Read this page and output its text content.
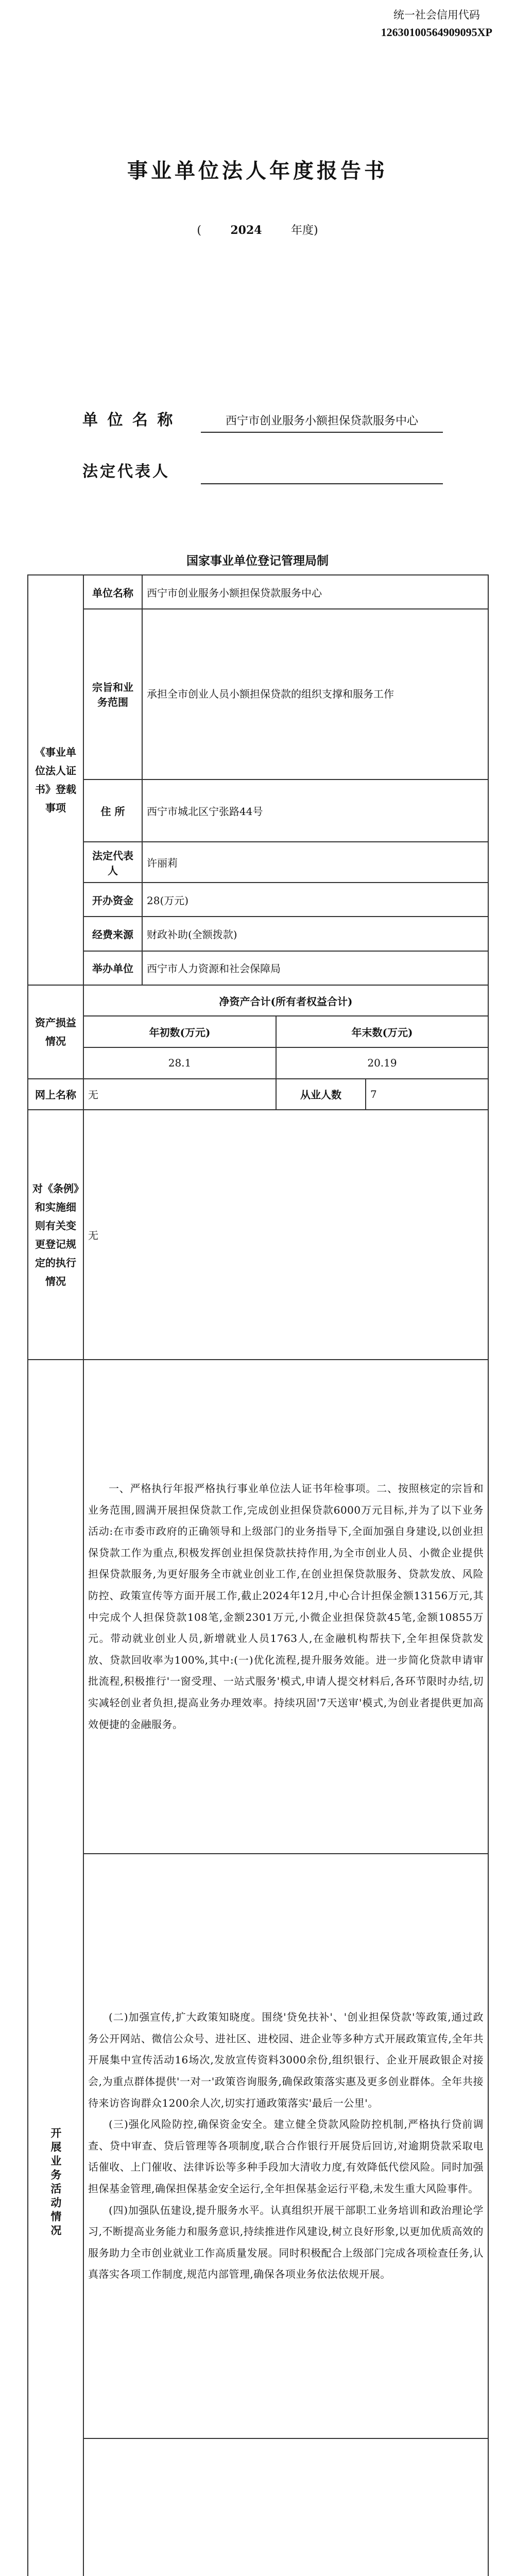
统一社会信用代码
12630100564909095XP
事业单位法人年度报告书
(	2024	年度)
单 位 名 称	西宁市创业服务小额担保贷款服务中心
法定代表人
国家事业单位登记管理局制
《事业单位法人证书》登载事项	单位名称	西宁市创业服务小额担保贷款服务中心		
	宗旨和业务范围	承担全市创业人员小额担保贷款的组织支撑和服务工作		
	住 所	西宁市城北区宁张路44号		
	法定代表人	许丽莉		
	开办资金	28(万元)		
	经费来源	财政补助(全额拨款)		
	举办单位	西宁市人力资源和社会保障局		
资产损益情况	净资产合计(所有者权益合计)			
	年初数(万元)		年末数(万元)	
	28.1		20.19	
网上名称	无		从业人数	7
对《条例》和实施细则有关变更登记规定的执行情况	无			

开展业务活动情况	一、严格执行年报严格执行事业单位法人证书年检事项。二、按照核定的宗旨和业务范围,圆满开展担保贷款工作,完成创业担保贷款6000万元目标,并为了以下业务活动:在市委市政府的正确领导和上级部门的业务指导下,全面加强自身建设,以创业担保贷款工作为重点,积极发挥创业担保贷款扶持作用,为全市创业人员、小微企业提供担保贷款服务,为更好服务全市就业创业工作,在创业担保贷款服务、贷款发放、风险防控、政策宣传等方面开展工作,截止2024年12月,中心合计担保金额13156万元,其中完成个人担保贷款108笔,金额2301万元,小微企业担保贷款45笔,金额10855万元。带动就业创业人员,新增就业人员1763人,在金融机构帮扶下,全年担保贷款发放、贷款回收率为100%,其中:(一)优化流程,提升服务效能。进一步简化贷款申请审批流程,积极推行'一窗受理、一站式服务'模式,申请人提交材料后,各环节限时办结,切实减轻创业者负担,提高业务办理效率。持续巩固'7天送审'模式,为创业者提供更加高效便捷的金融服务。			

	(二)加强宣传,扩大政策知晓度。围绕'贷免扶补'、'创业担保贷款'等政策,通过政务公开网站、微信公众号、进社区、进校园、进企业等多种方式开展政策宣传,全年共开展集中宣传活动16场次,发放宣传资料3000余份,组织银行、企业开展政银企对接会,为重点群体提供'一对一'政策咨询服务,确保政策落实惠及更多创业群体。全年共接待来访咨询群众1200余人次,切实打通政策落实'最后一公里'。

(三)强化风险防控,确保资金安全。建立健全贷款风险防控机制,严格执行贷前调查、贷中审查、贷后管理等各项制度,联合合作银行开展贷后回访,对逾期贷款采取电话催收、上门催收、法律诉讼等多种手段加大清收力度,有效降低代偿风险。同时加强担保基金管理,确保担保基金安全运行,全年担保基金运行平稳,未发生重大风险事件。

(四)加强队伍建设,提升服务水平。认真组织开展干部职工业务培训和政治理论学习,不断提高业务能力和服务意识,持续推进作风建设,树立良好形象,以更加优质高效的服务助力全市创业就业工作高质量发展。同时积极配合上级部门完成各项检查任务,认真落实各项工作制度,规范内部管理,确保各项业务依法依规开展。			
